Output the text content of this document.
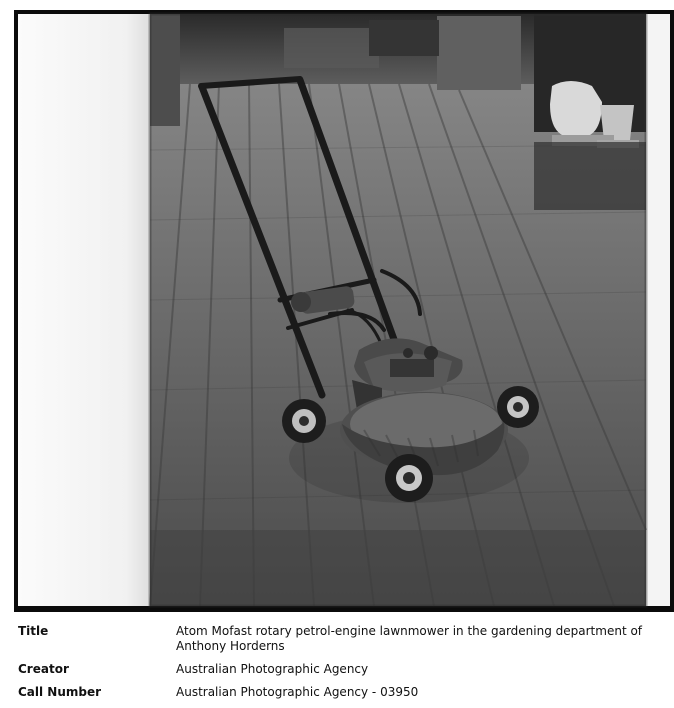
Title	Atom Mofast rotary petrol-engine lawnmower in the gardening department of Anthony Horderns
Creator	Australian Photographic Agency
Call Number	Australian Photographic Agency - 03950
